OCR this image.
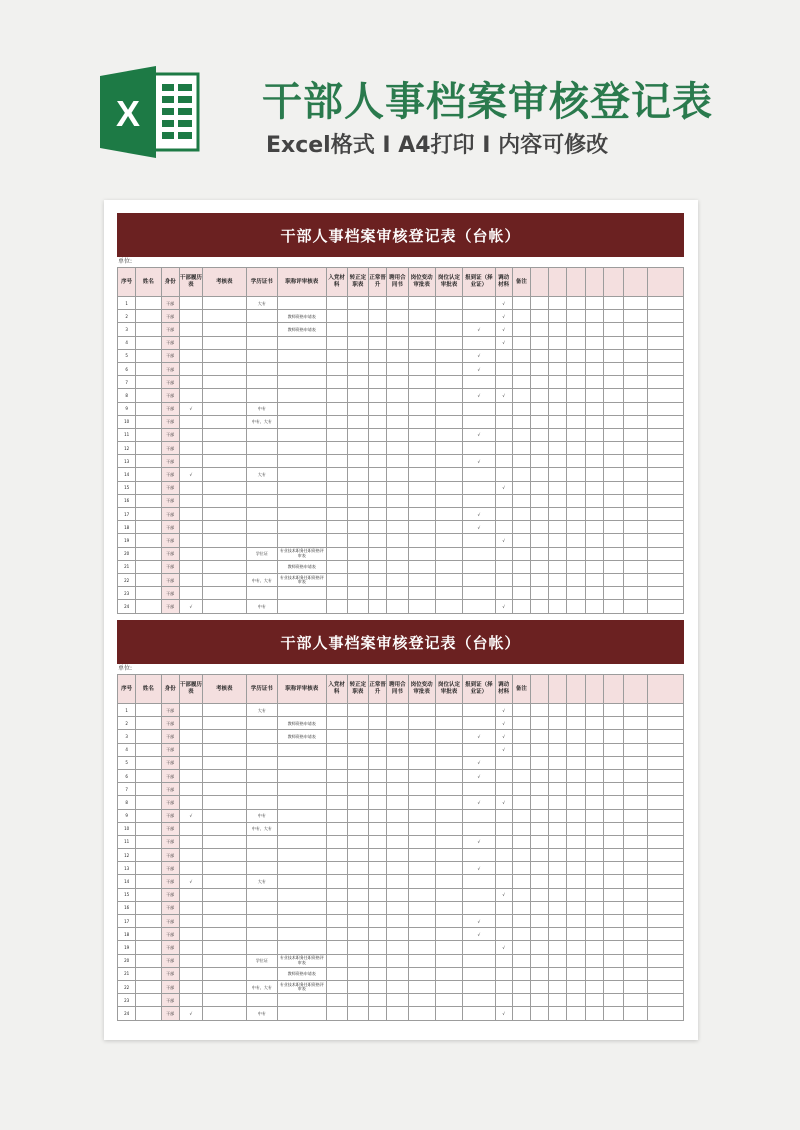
X	干部人事档案审核登记表
Excel格式 I A4打印 I 内容可修改
干部人事档案审核登记表（台帐）
单位:
序号	姓名	身份	干部履历表	考核表	学历证书	职称评审核表	入党材料	转正定职表	正常晋升	聘用合同书	岗位变动审批表	岗位认定审批表	报到证（择业证）	调动材料	备注							
1		干部			大专									√								
2		干部				教师资格申请表								√								
3		干部				教师资格申请表							√	√								
4		干部												√								
5		干部											√									
6		干部											√									
7		干部																				
8		干部											√	√								
9		干部	√		中专																	
10		干部			中专、大专																	
11		干部											√									
12		干部																				
13		干部											√									
14		干部	√		大专																	
15		干部												√								
16		干部																				
17		干部											√									
18		干部											√									
19		干部												√								
20		干部			学位证	专业技术职务任职资格评审表																
21		干部				教师资格申请表																
22		干部			中专、大专	专业技术职务任职资格评审表																
23		干部																				
24		干部	√		中专									√								
干部人事档案审核登记表（台帐）
单位:
序号	姓名	身份	干部履历表	考核表	学历证书	职称评审核表	入党材料	转正定职表	正常晋升	聘用合同书	岗位变动审批表	岗位认定审批表	报到证（择业证）	调动材料	备注							
1		干部			大专									√								
2		干部				教师资格申请表								√								
3		干部				教师资格申请表							√	√								
4		干部												√								
5		干部											√									
6		干部											√									
7		干部																				
8		干部											√	√								
9		干部	√		中专																	
10		干部			中专、大专																	
11		干部											√									
12		干部																				
13		干部											√									
14		干部	√		大专																	
15		干部												√								
16		干部																				
17		干部											√									
18		干部											√									
19		干部												√								
20		干部			学位证	专业技术职务任职资格评审表																
21		干部				教师资格申请表																
22		干部			中专、大专	专业技术职务任职资格评审表																
23		干部																				
24		干部	√		中专									√								
